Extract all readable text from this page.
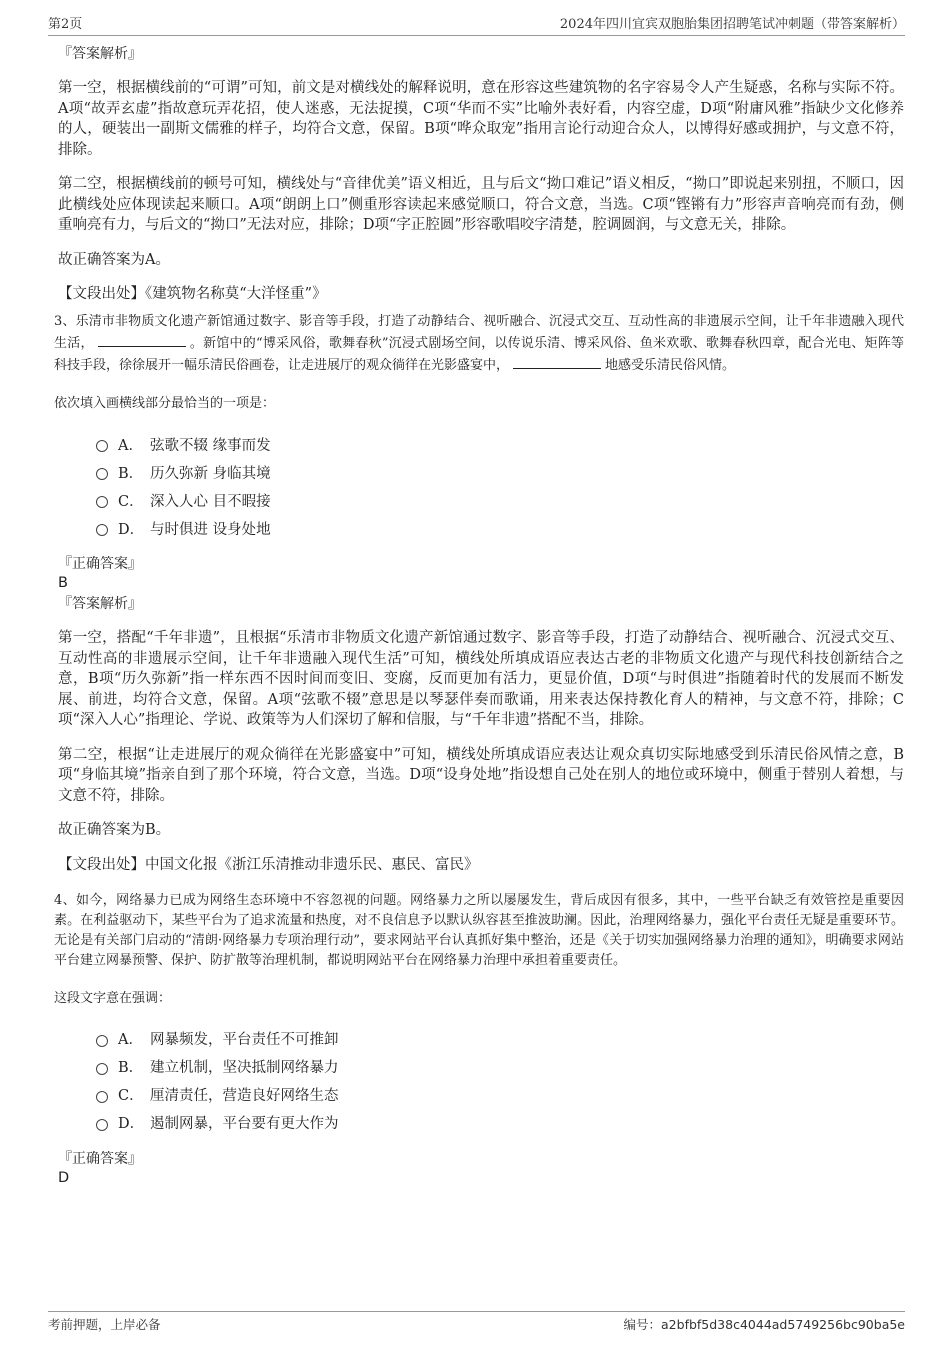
第2页	2024年四川宜宾双胞胎集团招聘笔试冲刺题（带答案解析）
『答案解析』

第一空，根据横线前的“可谓”可知，前文是对横线处的解释说明，意在形容这些建筑物的名字容易令人产生疑惑，名称与实际不符。A项“故弄玄虚”指故意玩弄花招，使人迷惑，无法捉摸，C项“华而不实”比喻外表好看，内容空虚，D项“附庸风雅”指缺少文化修养的人，硬装出一副斯文儒雅的样子，均符合文意，保留。B项“哗众取宠”指用言论行动迎合众人，以博得好感或拥护，与文意不符，排除。

第二空，根据横线前的顿号可知，横线处与“音律优美”语义相近，且与后文“拗口难记”语义相反，“拗口”即说起来别扭，不顺口，因此横线处应体现读起来顺口。A项“朗朗上口”侧重形容读起来感觉顺口，符合文意，当选。C项“铿锵有力”形容声音响亮而有劲，侧重响亮有力，与后文的“拗口”无法对应，排除；D项“字正腔圆”形容歌唱咬字清楚，腔调圆润，与文意无关，排除。

故正确答案为A。

【文段出处】《建筑物名称莫“大洋怪重”》
3、乐清市非物质文化遗产新馆通过数字、影音等手段，打造了动静结合、视听融合、沉浸式交互、互动性高的非遗展示空间，让千年非遗融入现代生活，	。新馆中的“博采风俗，歌舞春秋”沉浸式剧场空间，以传说乐清、博采风俗、鱼米欢歌、歌舞春秋四章，配合光电、矩阵等科技手段，徐徐展开一幅乐清民俗画卷，让走进展厅的观众徜徉在光影盛宴中，	地感受乐清民俗风情。
依次填入画横线部分最恰当的一项是：
A． 弦歌不辍 缘事而发
B． 历久弥新 身临其境
C． 深入人心 目不暇接
D． 与时俱进 设身处地
『正确答案』
B
『答案解析』

第一空，搭配“千年非遗”，且根据“乐清市非物质文化遗产新馆通过数字、影音等手段，打造了动静结合、视听融合、沉浸式交互、互动性高的非遗展示空间，让千年非遗融入现代生活”可知，横线处所填成语应表达古老的非物质文化遗产与现代科技创新结合之意，B项“历久弥新”指一样东西不因时间而变旧、变腐，反而更加有活力，更显价值，D项“与时俱进”指随着时代的发展而不断发展、前进，均符合文意，保留。A项“弦歌不辍”意思是以琴瑟伴奏而歌诵，用来表达保持教化育人的精神，与文意不符，排除；C项“深入人心”指理论、学说、政策等为人们深切了解和信服，与“千年非遗”搭配不当，排除。

第二空，根据“让走进展厅的观众徜徉在光影盛宴中”可知，横线处所填成语应表达让观众真切实际地感受到乐清民俗风情之意，B项“身临其境”指亲自到了那个环境，符合文意，当选。D项“设身处地”指设想自己处在别人的地位或环境中，侧重于替别人着想，与文意不符，排除。

故正确答案为B。

【文段出处】中国文化报《浙江乐清推动非遗乐民、惠民、富民》
4、如今，网络暴力已成为网络生态环境中不容忽视的问题。网络暴力之所以屡屡发生，背后成因有很多，其中，一些平台缺乏有效管控是重要因素。在利益驱动下，某些平台为了追求流量和热度，对不良信息予以默认纵容甚至推波助澜。因此，治理网络暴力，强化平台责任无疑是重要环节。无论是有关部门启动的“清朗·网络暴力专项治理行动”，要求网站平台认真抓好集中整治，还是《关于切实加强网络暴力治理的通知》，明确要求网站平台建立网暴预警、保护、防扩散等治理机制，都说明网站平台在网络暴力治理中承担着重要责任。
这段文字意在强调：
A． 网暴频发，平台责任不可推卸
B． 建立机制，坚决抵制网络暴力
C． 厘清责任，营造良好网络生态
D． 遏制网暴，平台要有更大作为
『正确答案』
D
考前押题，上岸必备	编号：a2bfbf5d38c4044ad5749256bc90ba5e
